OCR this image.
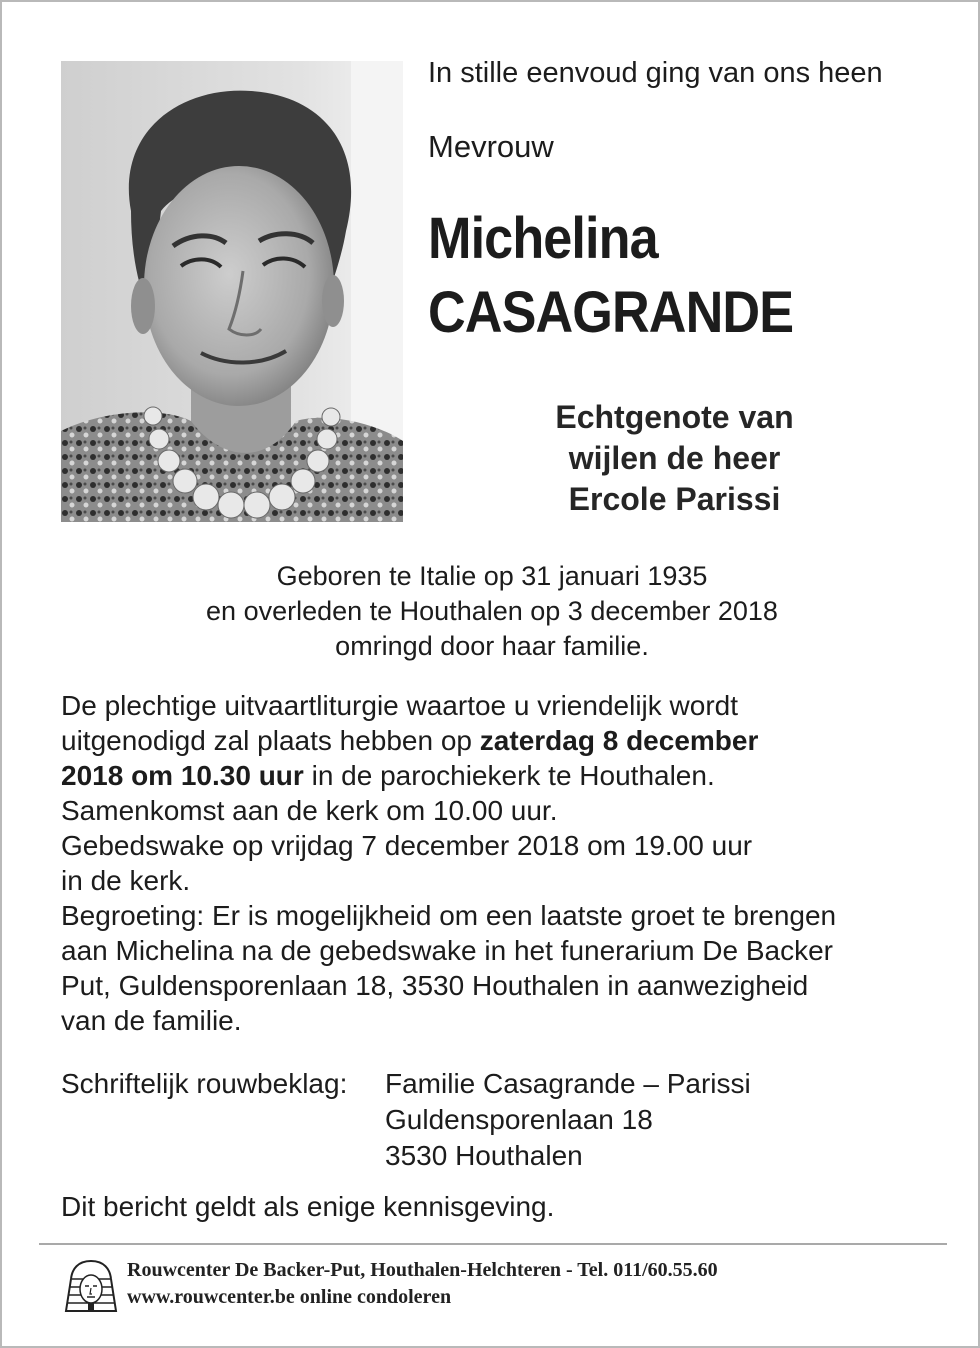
In stille eenvoud ging van ons heen
Mevrouw
Michelina
CASAGRANDE
Echtgenote van
wijlen de heer
Ercole Parissi
Geboren te Italie op 31 januari 1935
en overleden te Houthalen op 3 december 2018
omringd door haar familie.
De plechtige uitvaartliturgie waartoe u vriendelijk wordt
uitgenodigd zal plaats hebben op zaterdag 8 december
2018 om 10.30 uur in de parochiekerk te Houthalen.
Samenkomst aan de kerk om 10.00 uur.
Gebedswake op vrijdag 7 december 2018 om 19.00 uur
in de kerk.
Begroeting: Er is mogelijkheid om een laatste groet te brengen
aan Michelina na de gebedswake in het funerarium De Backer
Put, Guldensporenlaan 18, 3530 Houthalen in aanwezigheid
van de familie.
Schriftelijk rouwbeklag: Familie Casagrande – Parissi
Guldensporenlaan 18
3530 Houthalen
Dit bericht geldt als enige kennisgeving.
Rouwcenter De Backer-Put, Houthalen-Helchteren - Tel. 011/60.55.60
www.rouwcenter.be online condoleren
